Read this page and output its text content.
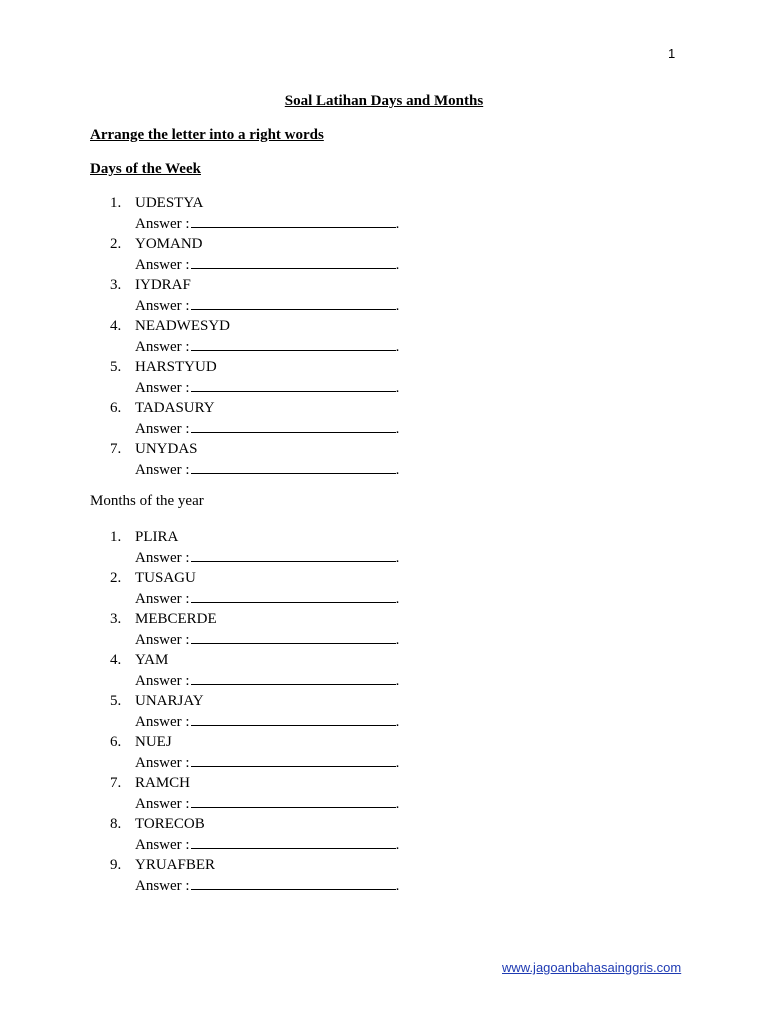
1
Soal Latihan Days and Months
Arrange the letter into a right words
Days of the Week
1. UDESTYA
Answer :	.
2. YOMAND
Answer :	.
3. IYDRAF
Answer :	.
4. NEADWESYD
Answer :	.
5. HARSTYUD
Answer :	.
6. TADASURY
Answer :	.
7. UNYDAS
Answer :	.
Months of the year
1. PLIRA
Answer :	.
2. TUSAGU
Answer :	.
3. MEBCERDE
Answer :	.
4. YAM
Answer :	.
5. UNARJAY
Answer :	.
6. NUEJ
Answer :	.
7. RAMCH
Answer :	.
8. TORECOB
Answer :	.
9. YRUAFBER
Answer :	.
www.jagoanbahasainggris.com
